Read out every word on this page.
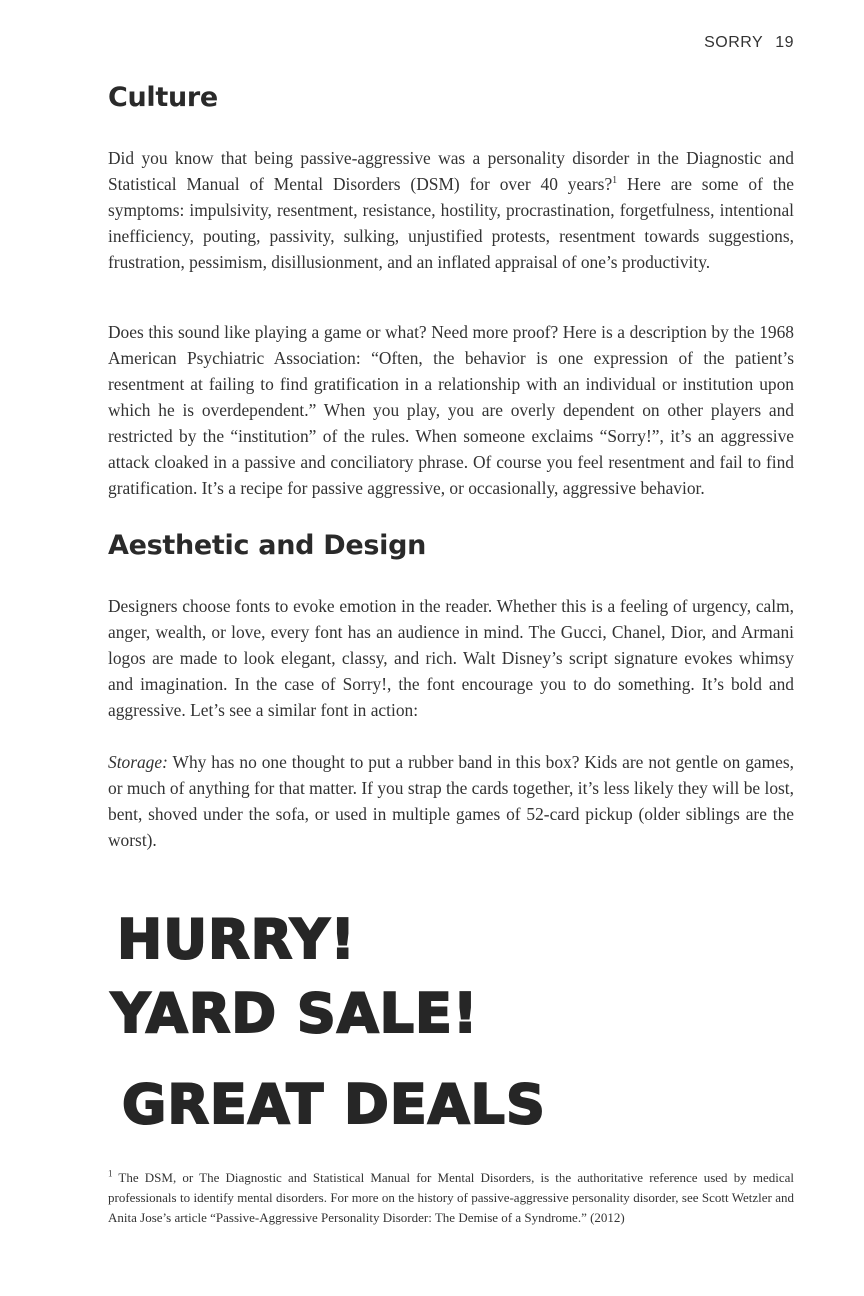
SORRY 19
Culture

Did you know that being passive-aggressive was a personality disorder in the Diagnostic and Statistical Manual of Mental Disorders (DSM) for over 40 years?$^1$ Here are some of the symptoms: impulsivity, resentment, resistance, hostility, procrastination, forgetfulness, intentional inefficiency, pouting, passivity, sulking, unjustified protests, resentment towards suggestions, frustration, pessimism, disillusionment, and an inflated appraisal of one’s productivity.

Does this sound like playing a game or what? Need more proof? Here is a description by the 1968 American Psychiatric Association: “Often, the behavior is one expression of the patient’s resentment at failing to find gratification in a relationship with an individual or institution upon which he is overdependent.” When you play, you are overly dependent on other players and restricted by the “institution” of the rules. When someone exclaims “Sorry!”, it’s an aggressive attack cloaked in a passive and conciliatory phrase. Of course you feel resentment and fail to find gratification. It’s a recipe for passive aggressive, or occasionally, aggressive behavior.

Aesthetic and Design

Designers choose fonts to evoke emotion in the reader. Whether this is a feeling of urgency, calm, anger, wealth, or love, every font has an audience in mind. The Gucci, Chanel, Dior, and Armani logos are made to look elegant, classy, and rich. Walt Disney’s script signature evokes whimsy and imagination. In the case of Sorry!, the font encourage you to do something. It’s bold and aggressive. Let’s see a similar font in action:

Storage: Why has no one thought to put a rubber band in this box? Kids are not gentle on games, or much of anything for that matter. If you strap the cards together, it’s less likely they will be lost, bent, shoved under the sofa, or used in multiple games of 52-card pickup (older siblings are the worst).

HURRY!
YARD SALE!
GREAT DEALS

$^1$ The DSM, or The Diagnostic and Statistical Manual for Mental Disorders, is the authoritative reference used by medical professionals to identify mental disorders. For more on the history of passive-aggressive personality disorder, see Scott Wetzler and Anita Jose’s article “Passive-Aggressive Personality Disorder: The Demise of a Syndrome.” (2012)
